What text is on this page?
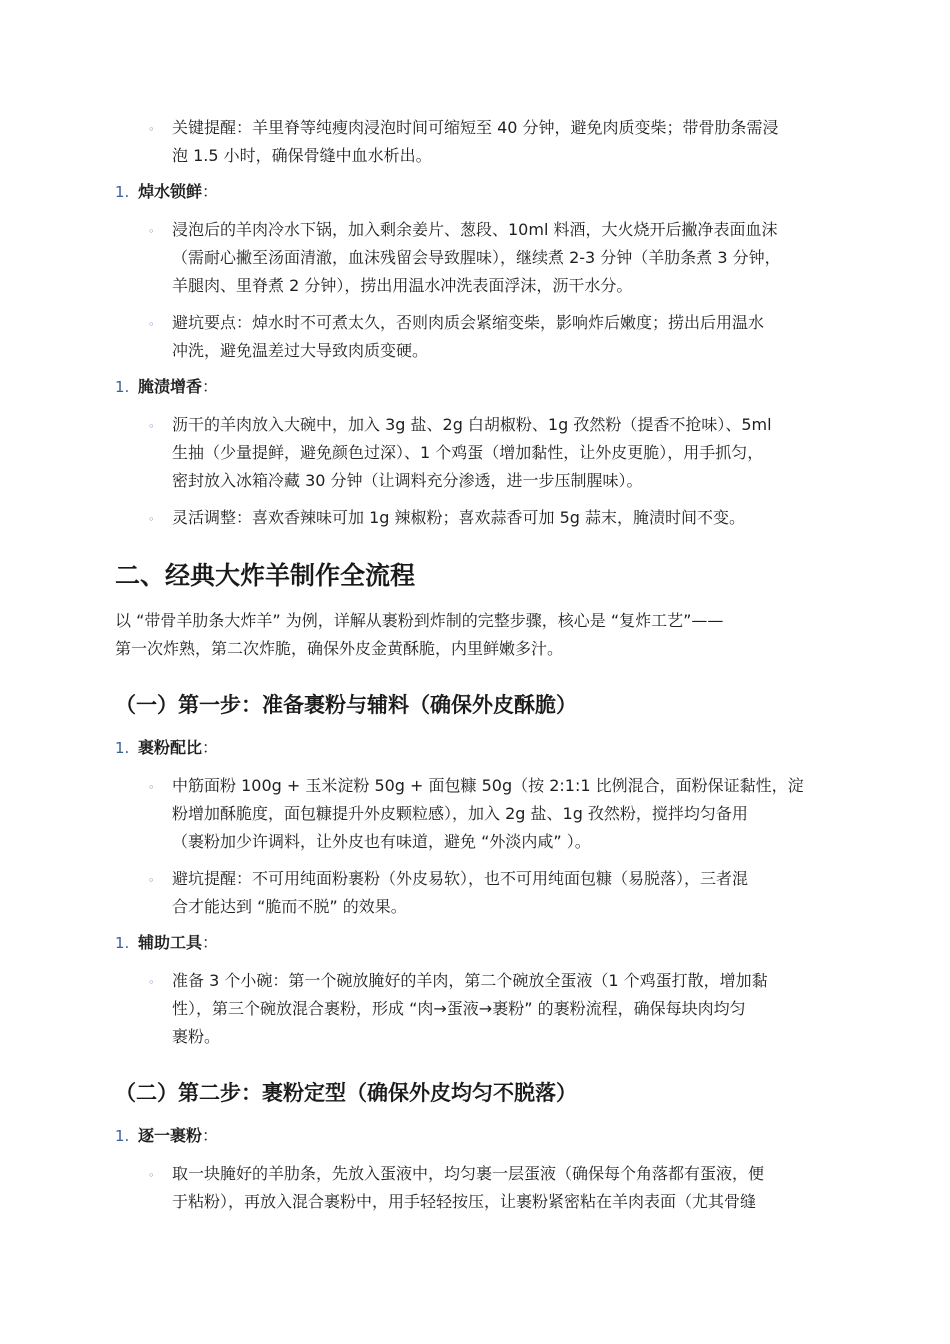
◦ 关键提醒：羊里脊等纯瘦肉浸泡时间可缩短至 40 分钟，避免肉质变柴；带骨肋条需浸
泡 1.5 小时，确保骨缝中血水析出。
1. 焯水锁鲜：
◦ 浸泡后的羊肉冷水下锅，加入剩余姜片、葱段、10ml 料酒，大火烧开后撇净表面血沫
（需耐心撇至汤面清澈，血沫残留会导致腥味），继续煮 2-3 分钟（羊肋条煮 3 分钟，
羊腿肉、里脊煮 2 分钟），捞出用温水冲洗表面浮沫，沥干水分。
◦ 避坑要点：焯水时不可煮太久，否则肉质会紧缩变柴，影响炸后嫩度；捞出后用温水
冲洗，避免温差过大导致肉质变硬。
1. 腌渍增香：
◦ 沥干的羊肉放入大碗中，加入 3g 盐、2g 白胡椒粉、1g 孜然粉（提香不抢味）、5ml
生抽（少量提鲜，避免颜色过深）、1 个鸡蛋（增加黏性，让外皮更脆），用手抓匀，
密封放入冰箱冷藏 30 分钟（让调料充分渗透，进一步压制腥味）。
◦ 灵活调整：喜欢香辣味可加 1g 辣椒粉；喜欢蒜香可加 5g 蒜末，腌渍时间不变。
二、经典大炸羊制作全流程
以 “带骨羊肋条大炸羊” 为例，详解从裹粉到炸制的完整步骤，核心是 “复炸工艺”——
第一次炸熟，第二次炸脆，确保外皮金黄酥脆，内里鲜嫩多汁。
（一）第一步：准备裹粉与辅料（确保外皮酥脆）
1. 裹粉配比：
◦ 中筋面粉 100g + 玉米淀粉 50g + 面包糠 50g（按 2:1:1 比例混合，面粉保证黏性，淀
粉增加酥脆度，面包糠提升外皮颗粒感），加入 2g 盐、1g 孜然粉，搅拌均匀备用
（裹粉加少许调料，让外皮也有味道，避免 “外淡内咸” ）。
◦ 避坑提醒：不可用纯面粉裹粉（外皮易软），也不可用纯面包糠（易脱落），三者混
合才能达到 “脆而不脱” 的效果。
1. 辅助工具：
◦ 准备 3 个小碗：第一个碗放腌好的羊肉，第二个碗放全蛋液（1 个鸡蛋打散，增加黏
性），第三个碗放混合裹粉，形成 “肉→蛋液→裹粉” 的裹粉流程，确保每块肉均匀
裹粉。
（二）第二步：裹粉定型（确保外皮均匀不脱落）
1. 逐一裹粉：
◦ 取一块腌好的羊肋条，先放入蛋液中，均匀裹一层蛋液（确保每个角落都有蛋液，便
于粘粉），再放入混合裹粉中，用手轻轻按压，让裹粉紧密粘在羊肉表面（尤其骨缝
